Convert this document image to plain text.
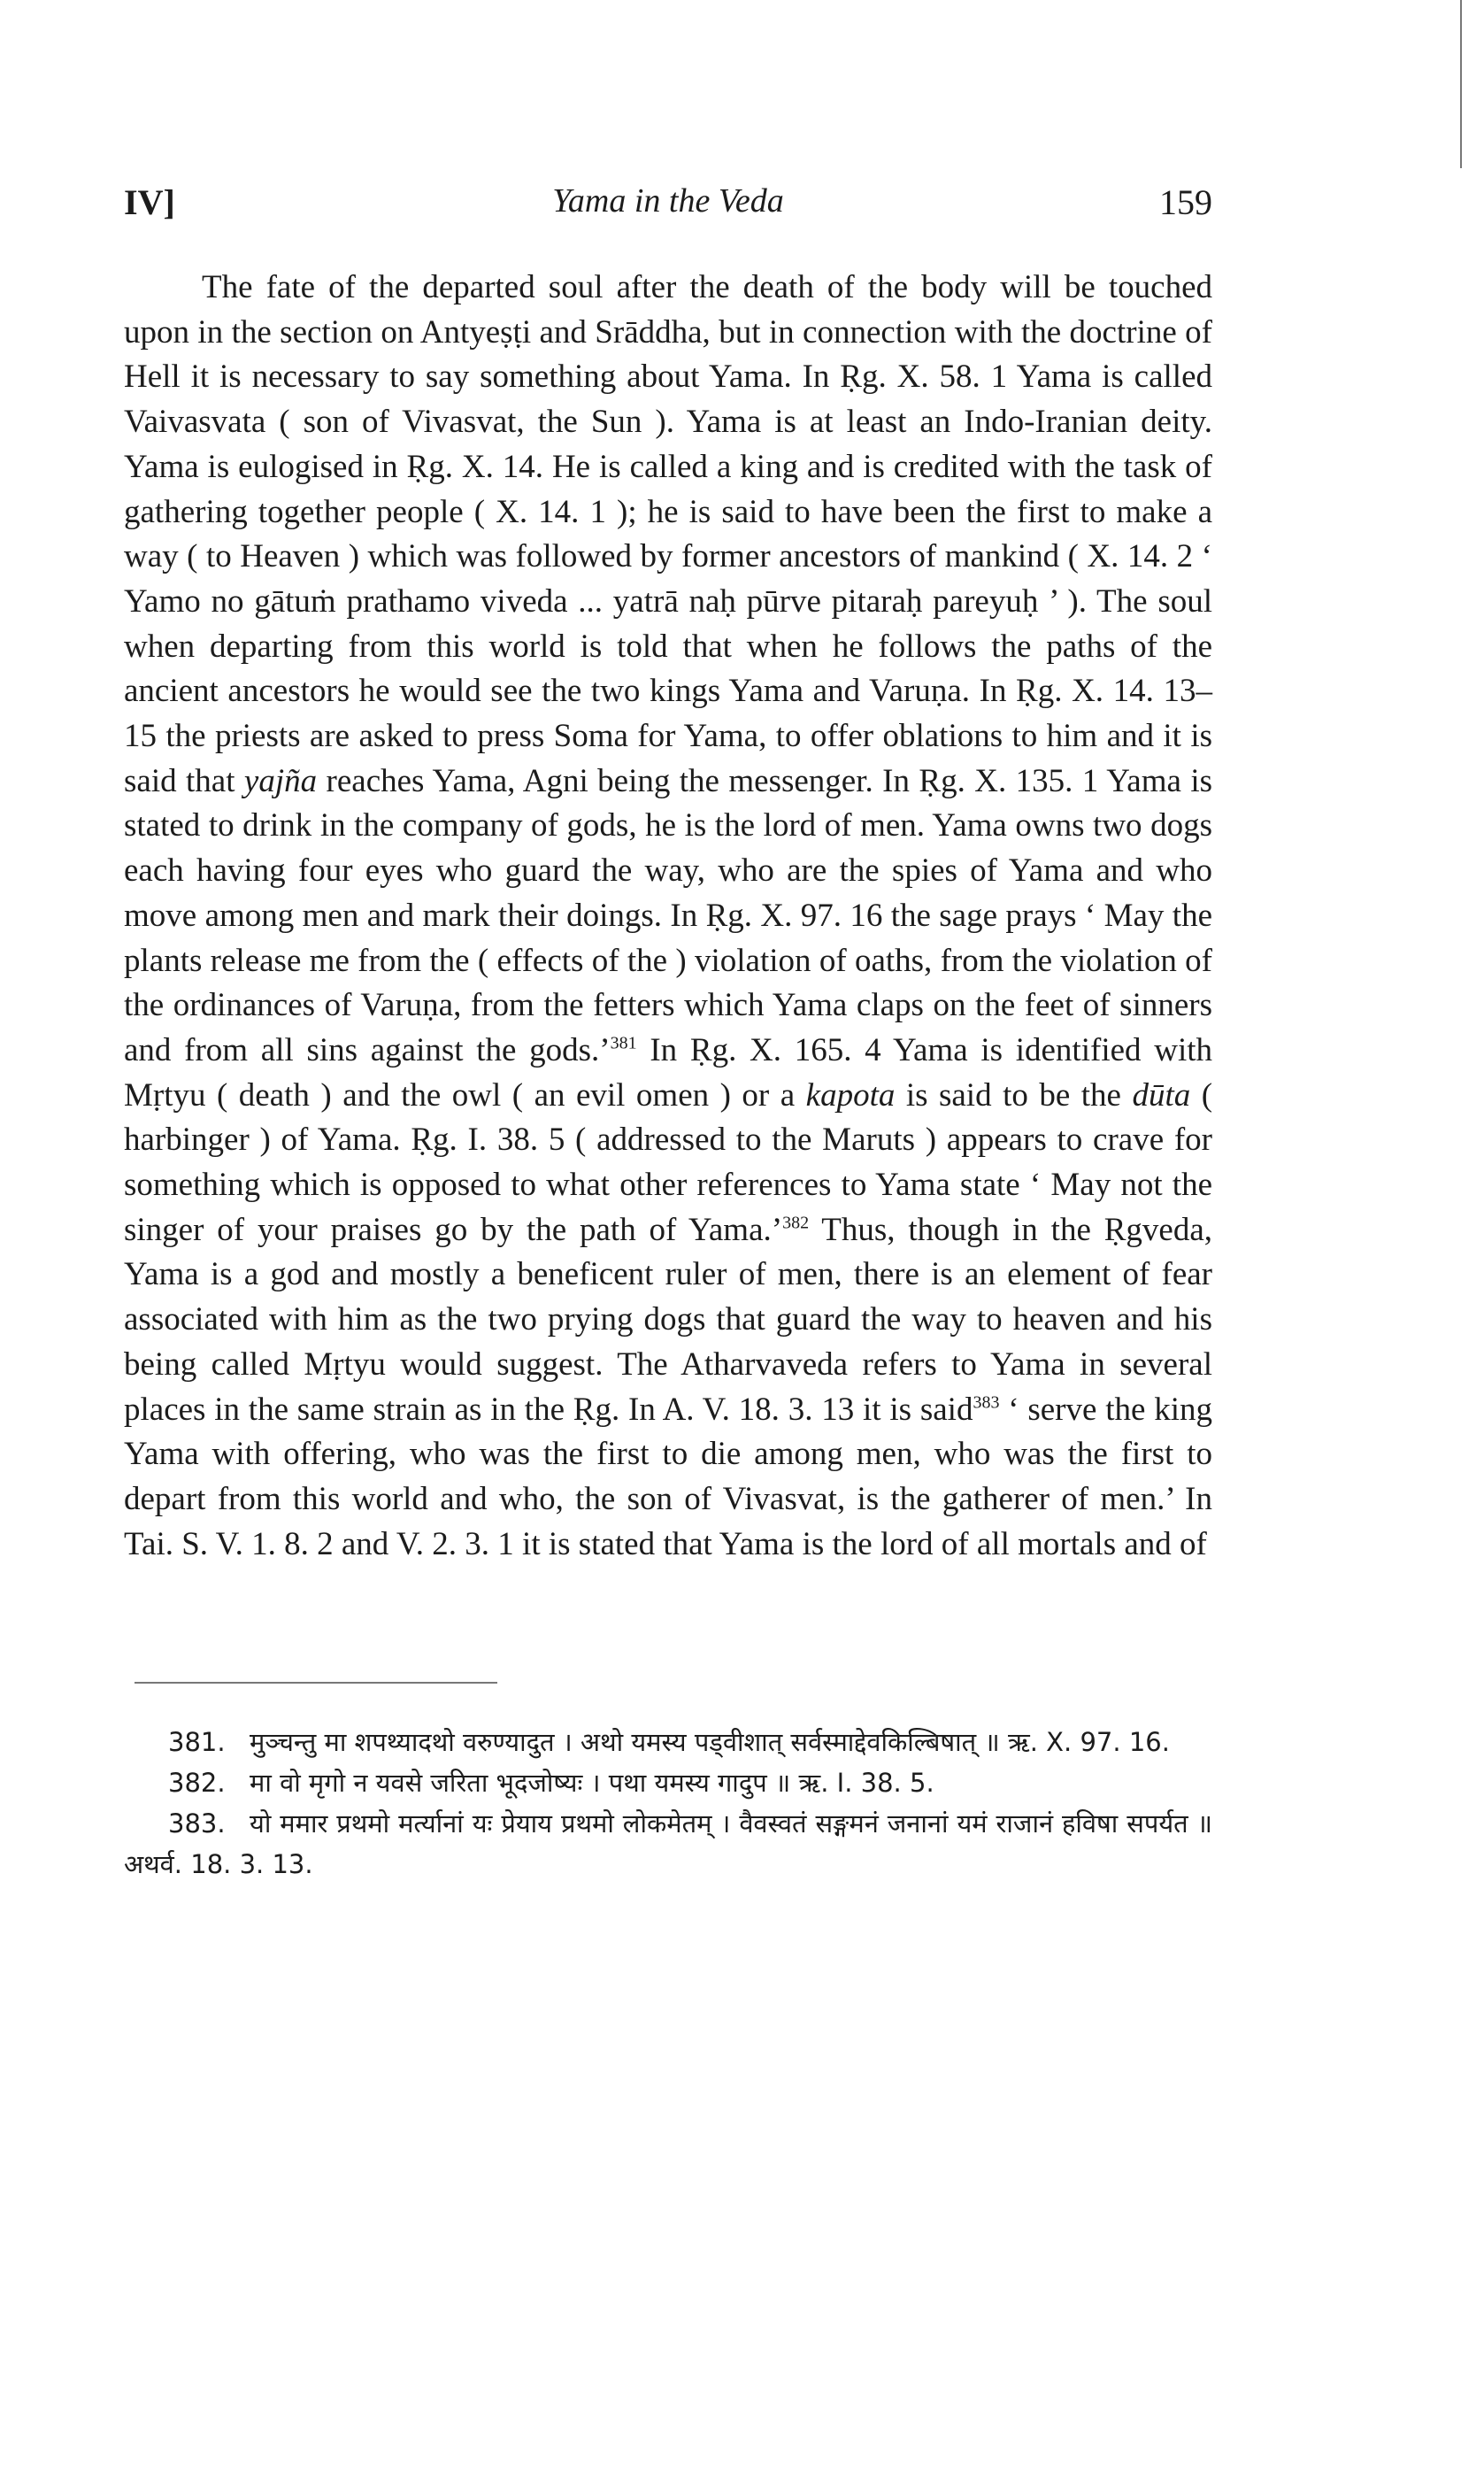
IV]	Yama in the Veda	159
The fate of the departed soul after the death of the body will be touched upon in the section on Antyeṣṭi and Srāddha, but in connection with the doctrine of Hell it is necessary to say something about Yama. In Ṛg. X. 58. 1 Yama is called Vaivasvata ( son of Vivasvat, the Sun ). Yama is at least an Indo-Iranian deity. Yama is eulogised in Ṛg. X. 14. He is called a king and is credited with the task of gathering together people ( X. 14. 1 ); he is said to have been the first to make a way ( to Heaven ) which was followed by former ancestors of mankind ( X. 14. 2 ‘ Yamo no gātuṁ prathamo viveda ... yatrā naḥ pūrve pitaraḥ pareyuḥ ’ ). The soul when departing from this world is told that when he follows the paths of the ancient ancestors he would see the two kings Yama and Varuṇa. In Ṛg. X. 14. 13–15 the priests are asked to press Soma for Yama, to offer oblations to him and it is said that yajña reaches Yama, Agni being the messenger. In Ṛg. X. 135. 1 Yama is stated to drink in the company of gods, he is the lord of men. Yama owns two dogs each having four eyes who guard the way, who are the spies of Yama and who move among men and mark their doings. In Ṛg. X. 97. 16 the sage prays ‘ May the plants release me from the ( effects of the ) violation of oaths, from the violation of the ordinances of Varuṇa, from the fetters which Yama claps on the feet of sinners and from all sins against the gods.’$^{381}$ In Ṛg. X. 165. 4 Yama is identified with Mṛtyu ( death ) and the owl ( an evil omen ) or a kapota is said to be the dūta ( harbinger ) of Yama. Ṛg. I. 38. 5 ( addressed to the Maruts ) appears to crave for something which is opposed to what other references to Yama state ‘ May not the singer of your praises go by the path of Yama.’$^{382}$ Thus, though in the Ṛgveda, Yama is a god and mostly a beneficent ruler of men, there is an element of fear associated with him as the two prying dogs that guard the way to heaven and his being called Mṛtyu would suggest. The Atharvaveda refers to Yama in several places in the same strain as in the Ṛg. In A. V. 18. 3. 13 it is said$^{383}$ ‘ serve the king Yama with offering, who was the first to die among men, who was the first to depart from this world and who, the son of Vivasvat, is the gatherer of men.’ In Tai. S. V. 1. 8. 2 and V. 2. 3. 1 it is stated that Yama is the lord of all mortals and of

381. मुञ्चन्तु मा शपथ्यादथो वरुण्यादुत । अथो यमस्य पड्वीशात् सर्वस्माद्देवकिल्बिषात् ॥ ऋ. X. 97. 16.

382. मा वो मृगो न यवसे जरिता भूदजोष्यः । पथा यमस्य गादुप ॥ ऋ. I. 38. 5.

383. यो ममार प्रथमो मर्त्यानां यः प्रेयाय प्रथमो लोकमेतम् । वैवस्वतं सङ्गमनं जनानां यमं राजानं हविषा सपर्यत ॥ अथर्व. 18. 3. 13.
